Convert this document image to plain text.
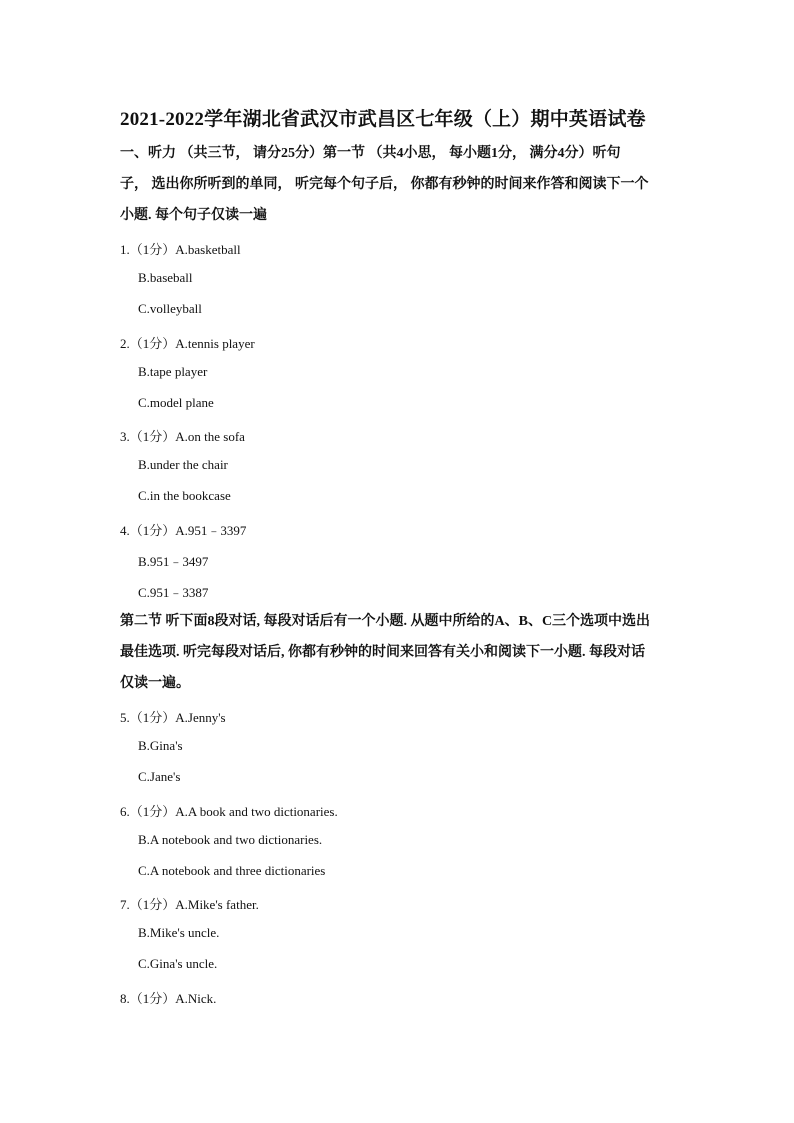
2021-2022学年湖北省武汉市武昌区七年级（上）期中英语试卷
一、听力 （共三节， 请分25分）第一节 （共4小思， 每小题1分， 满分4分）听句
子， 选出你所听到的单同， 听完每个句子后， 你都有秒钟的时间来作答和阅读下一个
小题. 每个句子仅读一遍
1.（1分）A.basketball
B.baseball
C.volleyball
2.（1分）A.tennis player
B.tape player
C.model plane
3.（1分）A.on the sofa
B.under the chair
C.in the bookcase
4.（1分）A.951﹣3397
B.951﹣3497
C.951﹣3387
第二节 听下面8段对话, 每段对话后有一个小题. 从题中所给的A、B、C三个选项中选出
最佳选项. 听完每段对话后, 你都有秒钟的时间来回答有关小和阅读下一小题. 每段对话
仅读一遍。
5.（1分）A.Jenny's
B.Gina's
C.Jane's
6.（1分）A.A book and two dictionaries.
B.A notebook and two dictionaries.
C.A notebook and three dictionaries
7.（1分）A.Mike's father.
B.Mike's uncle.
C.Gina's uncle.
8.（1分）A.Nick.
